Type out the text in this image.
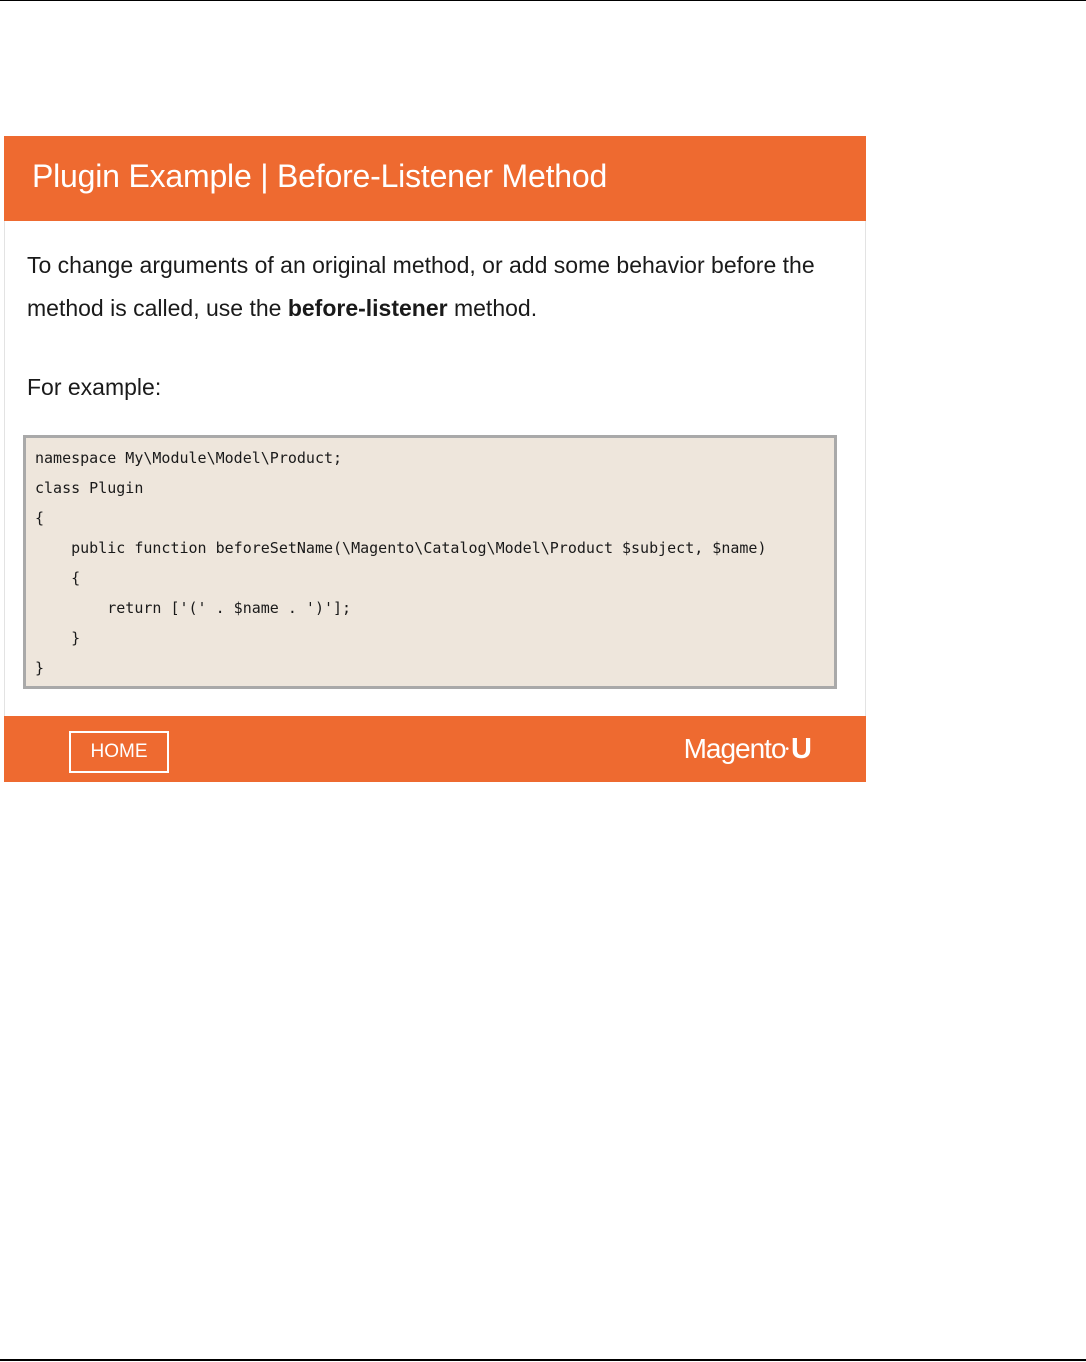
Plugin Example | Before-Listener Method
To change arguments of an original method, or add some behavior before the method is called, use the before-listener method.
For example:
namespace My\Module\Model\Product;
class Plugin
{
public function beforeSetName(\Magento\Catalog\Model\Product $subject, $name)
{
return ['(' . $name . ')'];
}
}
HOME	Magento•U
